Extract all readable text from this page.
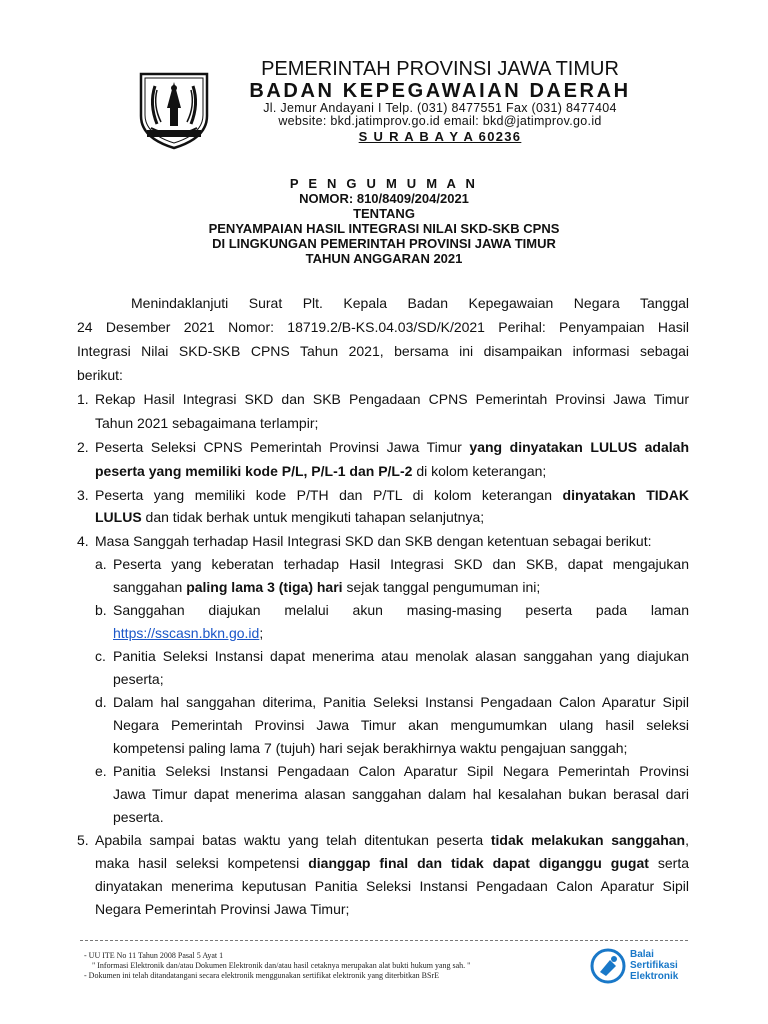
PEMERINTAH PROVINSI JAWA TIMUR
BADAN KEPEGAWAIAN DAERAH
Jl. Jemur Andayani I Telp. (031) 8477551 Fax (031) 8477404
website: bkd.jatimprov.go.id email: bkd@jatimprov.go.id
S U R A B A Y A 60236
P E N G U M U M A N
NOMOR: 810/8409/204/2021
TENTANG
PENYAMPAIAN HASIL INTEGRASI NILAI SKD-SKB CPNS
DI LINGKUNGAN PEMERINTAH PROVINSI JAWA TIMUR
TAHUN ANGGARAN 2021
Menindaklanjuti Surat Plt. Kepala Badan Kepegawaian Negara Tanggal
24 Desember 2021 Nomor: 18719.2/B-KS.04.03/SD/K/2021 Perihal: Penyampaian Hasil
Integrasi Nilai SKD-SKB CPNS Tahun 2021, bersama ini disampaikan informasi sebagai
berikut:
1. Rekap Hasil Integrasi SKD dan SKB Pengadaan CPNS Pemerintah Provinsi Jawa Timur
Tahun 2021 sebagaimana terlampir;
2. Peserta Seleksi CPNS Pemerintah Provinsi Jawa Timur yang dinyatakan LULUS adalah
peserta yang memiliki kode P/L, P/L-1 dan P/L-2 di kolom keterangan;
3. Peserta yang memiliki kode P/TH dan P/TL di kolom keterangan dinyatakan TIDAK
LULUS dan tidak berhak untuk mengikuti tahapan selanjutnya;
4. Masa Sanggah terhadap Hasil Integrasi SKD dan SKB dengan ketentuan sebagai berikut:
a. Peserta yang keberatan terhadap Hasil Integrasi SKD dan SKB, dapat mengajukan
sanggahan paling lama 3 (tiga) hari sejak tanggal pengumuman ini;
b. Sanggahan diajukan melalui akun masing-masing peserta pada laman
https://sscasn.bkn.go.id;
c. Panitia Seleksi Instansi dapat menerima atau menolak alasan sanggahan yang diajukan
peserta;
d. Dalam hal sanggahan diterima, Panitia Seleksi Instansi Pengadaan Calon Aparatur Sipil
Negara Pemerintah Provinsi Jawa Timur akan mengumumkan ulang hasil seleksi
kompetensi paling lama 7 (tujuh) hari sejak berakhirnya waktu pengajuan sanggah;
e. Panitia Seleksi Instansi Pengadaan Calon Aparatur Sipil Negara Pemerintah Provinsi
Jawa Timur dapat menerima alasan sanggahan dalam hal kesalahan bukan berasal dari
peserta.
5. Apabila sampai batas waktu yang telah ditentukan peserta tidak melakukan sanggahan,
maka hasil seleksi kompetensi dianggap final dan tidak dapat diganggu gugat serta
dinyatakan menerima keputusan Panitia Seleksi Instansi Pengadaan Calon Aparatur Sipil
Negara Pemerintah Provinsi Jawa Timur;
- UU ITE No 11 Tahun 2008 Pasal 5 Ayat 1
" Informasi Elektronik dan/atau Dokumen Elektronik dan/atau hasil cetaknya merupakan alat bukti hukum yang sah. "
- Dokumen ini telah ditandatangani secara elektronik menggunakan sertifikat elektronik yang diterbitkan BSrE
Balai
Sertifikasi
Elektronik
